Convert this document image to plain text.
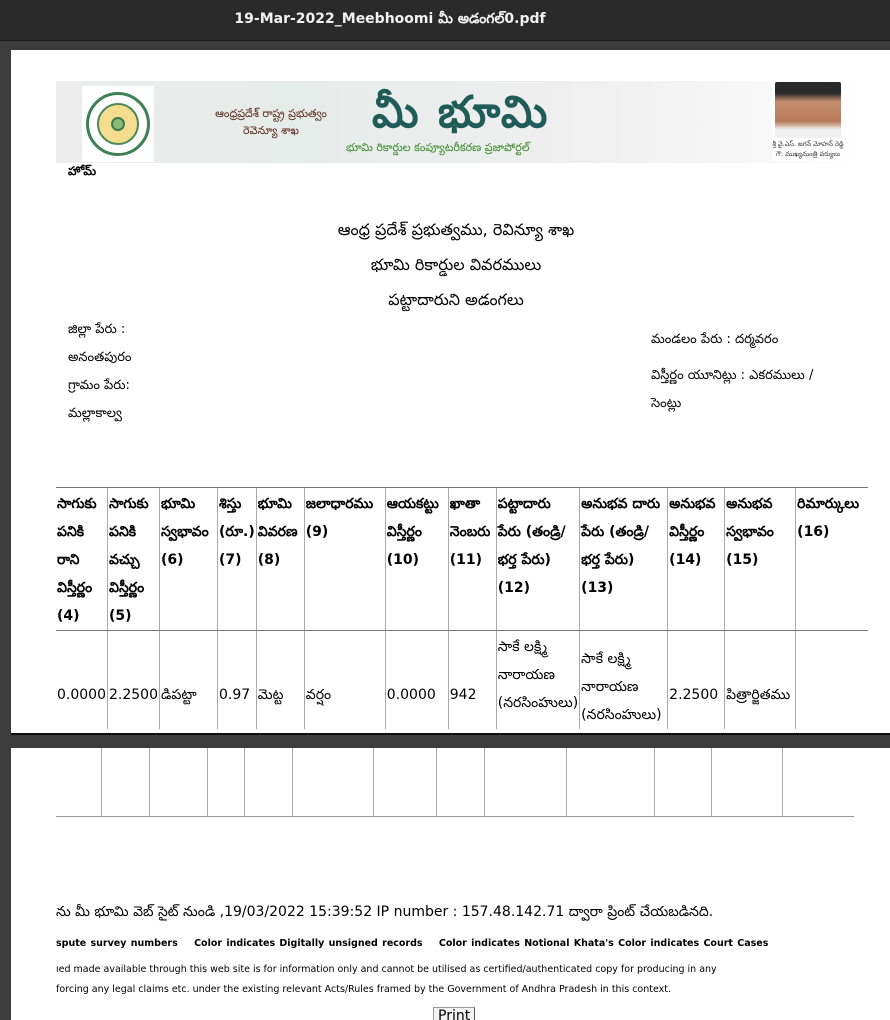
19-Mar-2022_Meebhoomi మీ అడంగల్0.pdf
ఆంధ్రప్రదేశ్ రాష్ట్ర ప్రభుత్వం
రెవెన్యూ శాఖ	మీ భూమి
భూమి రికార్డుల కంప్యూటరీకరణ ప్రజాపోర్టల్	శ్రీ వై.ఎస్. జగన్ మోహన్ రెడ్డి
గౌ. ముఖ్యమంత్రి వర్యులు
హోమ్
ఆంధ్ర ప్రదేశ్ ప్రభుత్వము, రెవిన్యూ శాఖ
భూమి రికార్డుల వివరములు
పట్టాదారుని అడంగలు
జిల్లా పేరు :
అనంతపురం
గ్రామం పేరు:
మల్లాకాల్వ
మండలం పేరు : దర్మవరం
విస్తీర్ణం యూనిట్లు : ఎకరములు /
సెంట్లు
సాగుకు పనికి రాని విస్తీర్ణం (4)	సాగుకు పనికి వచ్చు విస్తీర్ణం (5)	భూమి స్వభావం (6)	శిస్తు (రూ.) (7)	భూమి వివరణ (8)	జలాధారము (9)	ఆయకట్టు విస్తీర్ణం (10)	ఖాతా నెంబరు (11)	పట్టాదారు పేరు (తండ్రి/భర్త పేరు) (12)	అనుభవ దారు పేరు (తండ్రి/భర్త పేరు) (13)	అనుభవ విస్తీర్ణం (14)	అనుభవ స్వభావం (15)	రిమార్కులు (16)
0.0000	2.2500	డిపట్టా	0.97	మెట్ట	వర్షం	0.0000	942	సాకే లక్ష్మి నారాయణ (నరసింహులు)	సాకే లక్ష్మి నారాయణ (నరసింహులు)	2.2500	పిత్రార్జితము	

ను మీ భూమి వెబ్ సైట్ నుండి ,19/03/2022 15:39:52 IP number : 157.48.142.71 ద్వారా ప్రింట్ చేయబడినది.
spute survey numbers Color indicates Digitally unsigned records Color indicates Notional Khata's Color indicates Court Cases
ıed made available through this web site is for information only and cannot be utilised as certified/authenticated copy for producing in any
forcing any legal claims etc. under the existing relevant Acts/Rules framed by the Government of Andhra Pradesh in this context.
Print
